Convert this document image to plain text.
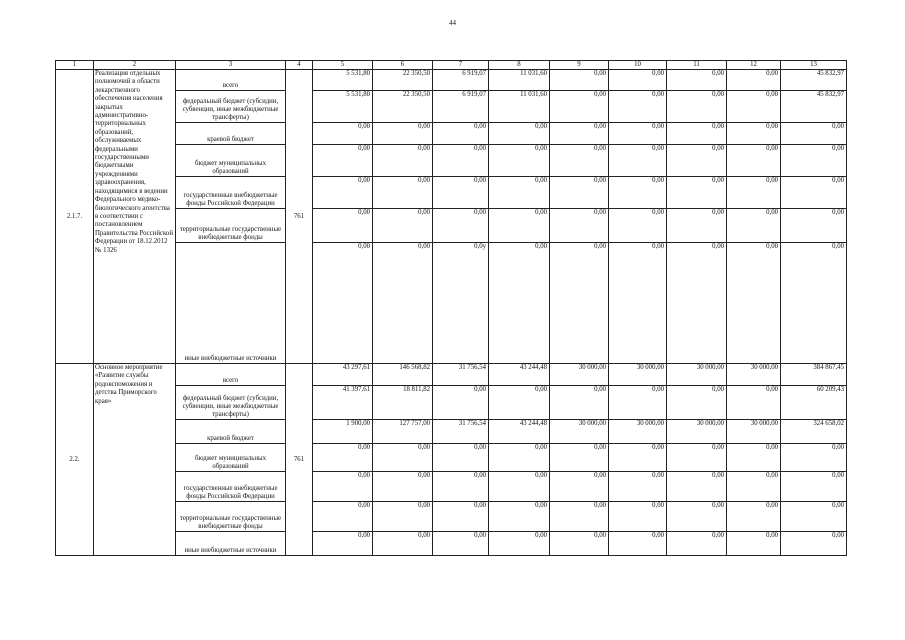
44
1	2	3	4	5	6	7	8	9	10	11	12	13
2.1.7.	Реализация отдельных полномочий в области лекарственного обеспечения населения закрытых административно-территориальных образований, обслуживаемых федеральными государственными бюджетными учреждениями здравоохранения, находящимися в ведении Федерального медико-биологического агентства в соответствии с постановлением Правительства Российской Федерации от 18.12.2012 № 1326	всего	761	5 531,80	22 350,50	6 919,07	11 031,60	0,00	0,00	0,00	0,00	45 832,97
		федеральный бюджет (субсидии, субвенции, иные межбюджетные трансферты)		5 531,80	22 350,50	6 919,07	11 031,60	0,00	0,00	0,00	0,00	45 832,97
		краевой бюджет		0,00	0,00	0,00	0,00	0,00	0,00	0,00	0,00	0,00
		бюджет муниципальных образований		0,00	0,00	0,00	0,00	0,00	0,00	0,00	0,00	0,00
		государственные внебюджетные фонды Российской Федерации		0,00	0,00	0,00	0,00	0,00	0,00	0,00	0,00	0,00
		территориальные государственные внебюджетные фонды		0,00	0,00	0,00	0,00	0,00	0,00	0,00	0,00	0,00
		иные внебюджетные источники		0,00	0,00	0,0у	0,00	0,00	0,00	0,00	0,00	0,00
2.2.	Основное мероприятие «Развитие службы родовспоможения и детства Приморского края»	всего	761	43 297,61	146 568,82	31 756,54	43 244,48	30 000,00	30 000,00	30 000,00	30 000,00	384 867,45
		федеральный бюджет (субсидии, субвенции, иные межбюджетные трансферты)		41 397,61	18 811,82	0,00	0,00	0,00	0,00	0,00	0,00	60 209,43
		краевой бюджет		1 900,00	127 757,00	31 756,54	43 244,48	30 000,00	30 000,00	30 000,00	30 000,00	324 658,02
		бюджет муниципальных образований		0,00	0,00	0,00	0,00	0,00	0,00	0,00	0,00	0,00
		государственные внебюджетные фонды Российской Федерации		0,00	0,00	0,00	0,00	0,00	0,00	0,00	0,00	0,00
		территориальные государственные внебюджетные фонды		0,00	0,00	0,00	0,00	0,00	0,00	0,00	0,00	0,00
		иные внебюджетные источники		0,00	0,00	0,00	0,00	0,00	0,00	0,00	0,00	0,00
